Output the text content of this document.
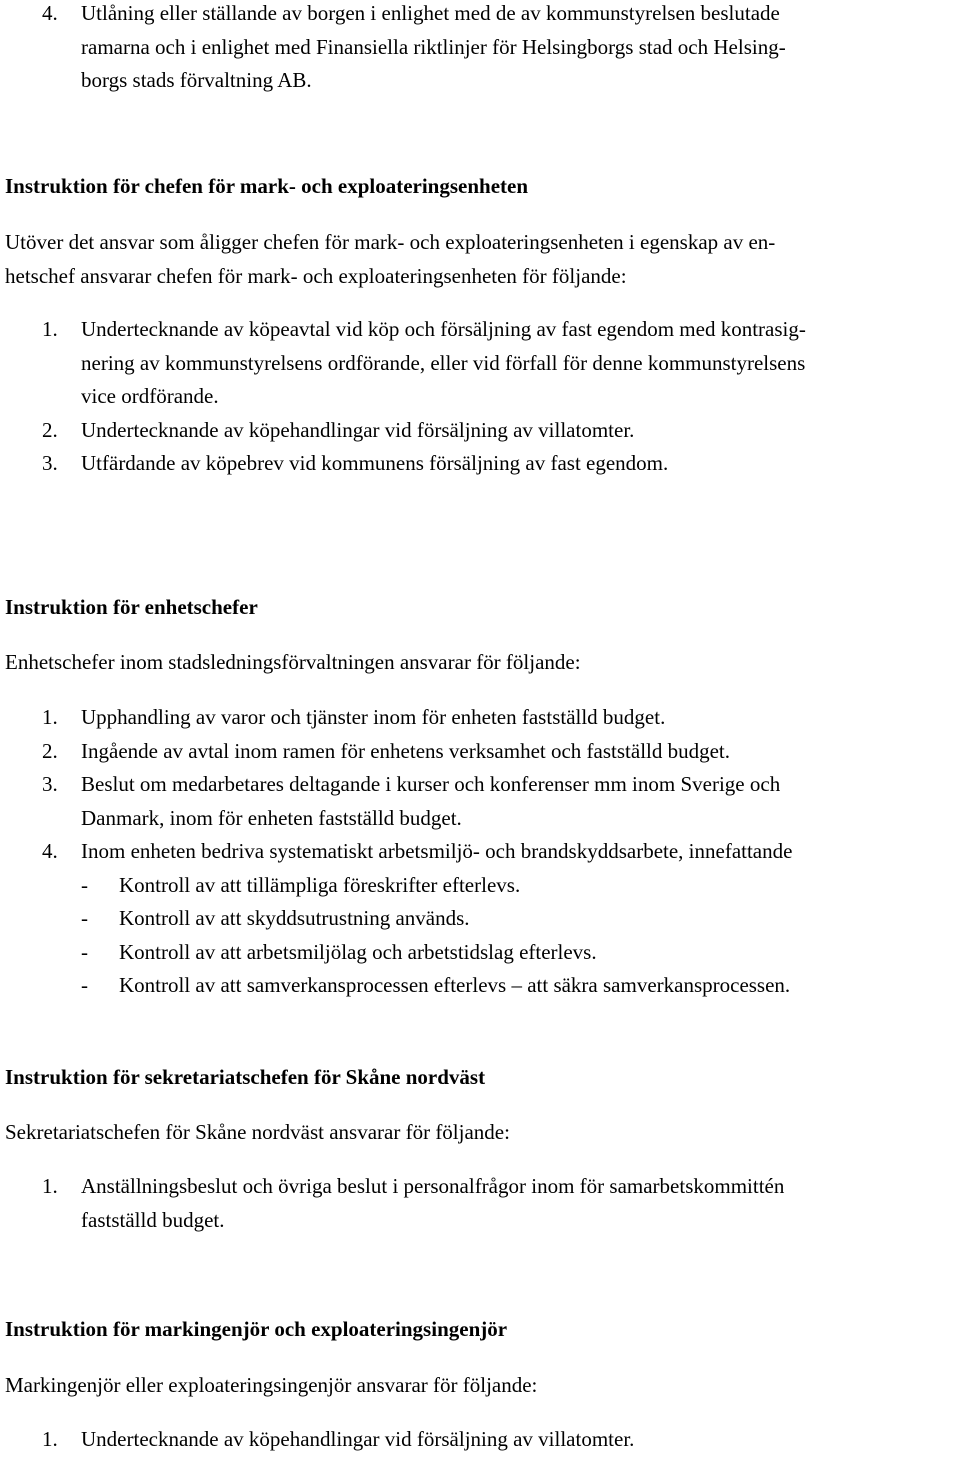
4. Utlåning eller ställande av borgen i enlighet med de av kommunstyrelsen beslutade
ramarna och i enlighet med Finansiella riktlinjer för Helsingborgs stad och Helsing-
borgs stads förvaltning AB.
Instruktion för chefen för mark- och exploateringsenheten
Utöver det ansvar som åligger chefen för mark- och exploateringsenheten i egenskap av en-
hetschef ansvarar chefen för mark- och exploateringsenheten för följande:
1. Undertecknande av köpeavtal vid köp och försäljning av fast egendom med kontrasig-
nering av kommunstyrelsens ordförande, eller vid förfall för denne kommunstyrelsens
vice ordförande.
2. Undertecknande av köpehandlingar vid försäljning av villatomter.
3. Utfärdande av köpebrev vid kommunens försäljning av fast egendom.
Instruktion för enhetschefer
Enhetschefer inom stadsledningsförvaltningen ansvarar för följande:
1. Upphandling av varor och tjänster inom för enheten fastställd budget.
2. Ingående av avtal inom ramen för enhetens verksamhet och fastställd budget.
3. Beslut om medarbetares deltagande i kurser och konferenser mm inom Sverige och
Danmark, inom för enheten fastställd budget.
4. Inom enheten bedriva systematiskt arbetsmiljö- och brandskyddsarbete, innefattande
- Kontroll av att tillämpliga föreskrifter efterlevs.
- Kontroll av att skyddsutrustning används.
- Kontroll av att arbetsmiljölag och arbetstidslag efterlevs.
- Kontroll av att samverkansprocessen efterlevs – att säkra samverkansprocessen.
Instruktion för sekretariatschefen för Skåne nordväst
Sekretariatschefen för Skåne nordväst ansvarar för följande:
1. Anställningsbeslut och övriga beslut i personalfrågor inom för samarbetskommittén
fastställd budget.
Instruktion för markingenjör och exploateringsingenjör
Markingenjör eller exploateringsingenjör ansvarar för följande:
1. Undertecknande av köpehandlingar vid försäljning av villatomter.
